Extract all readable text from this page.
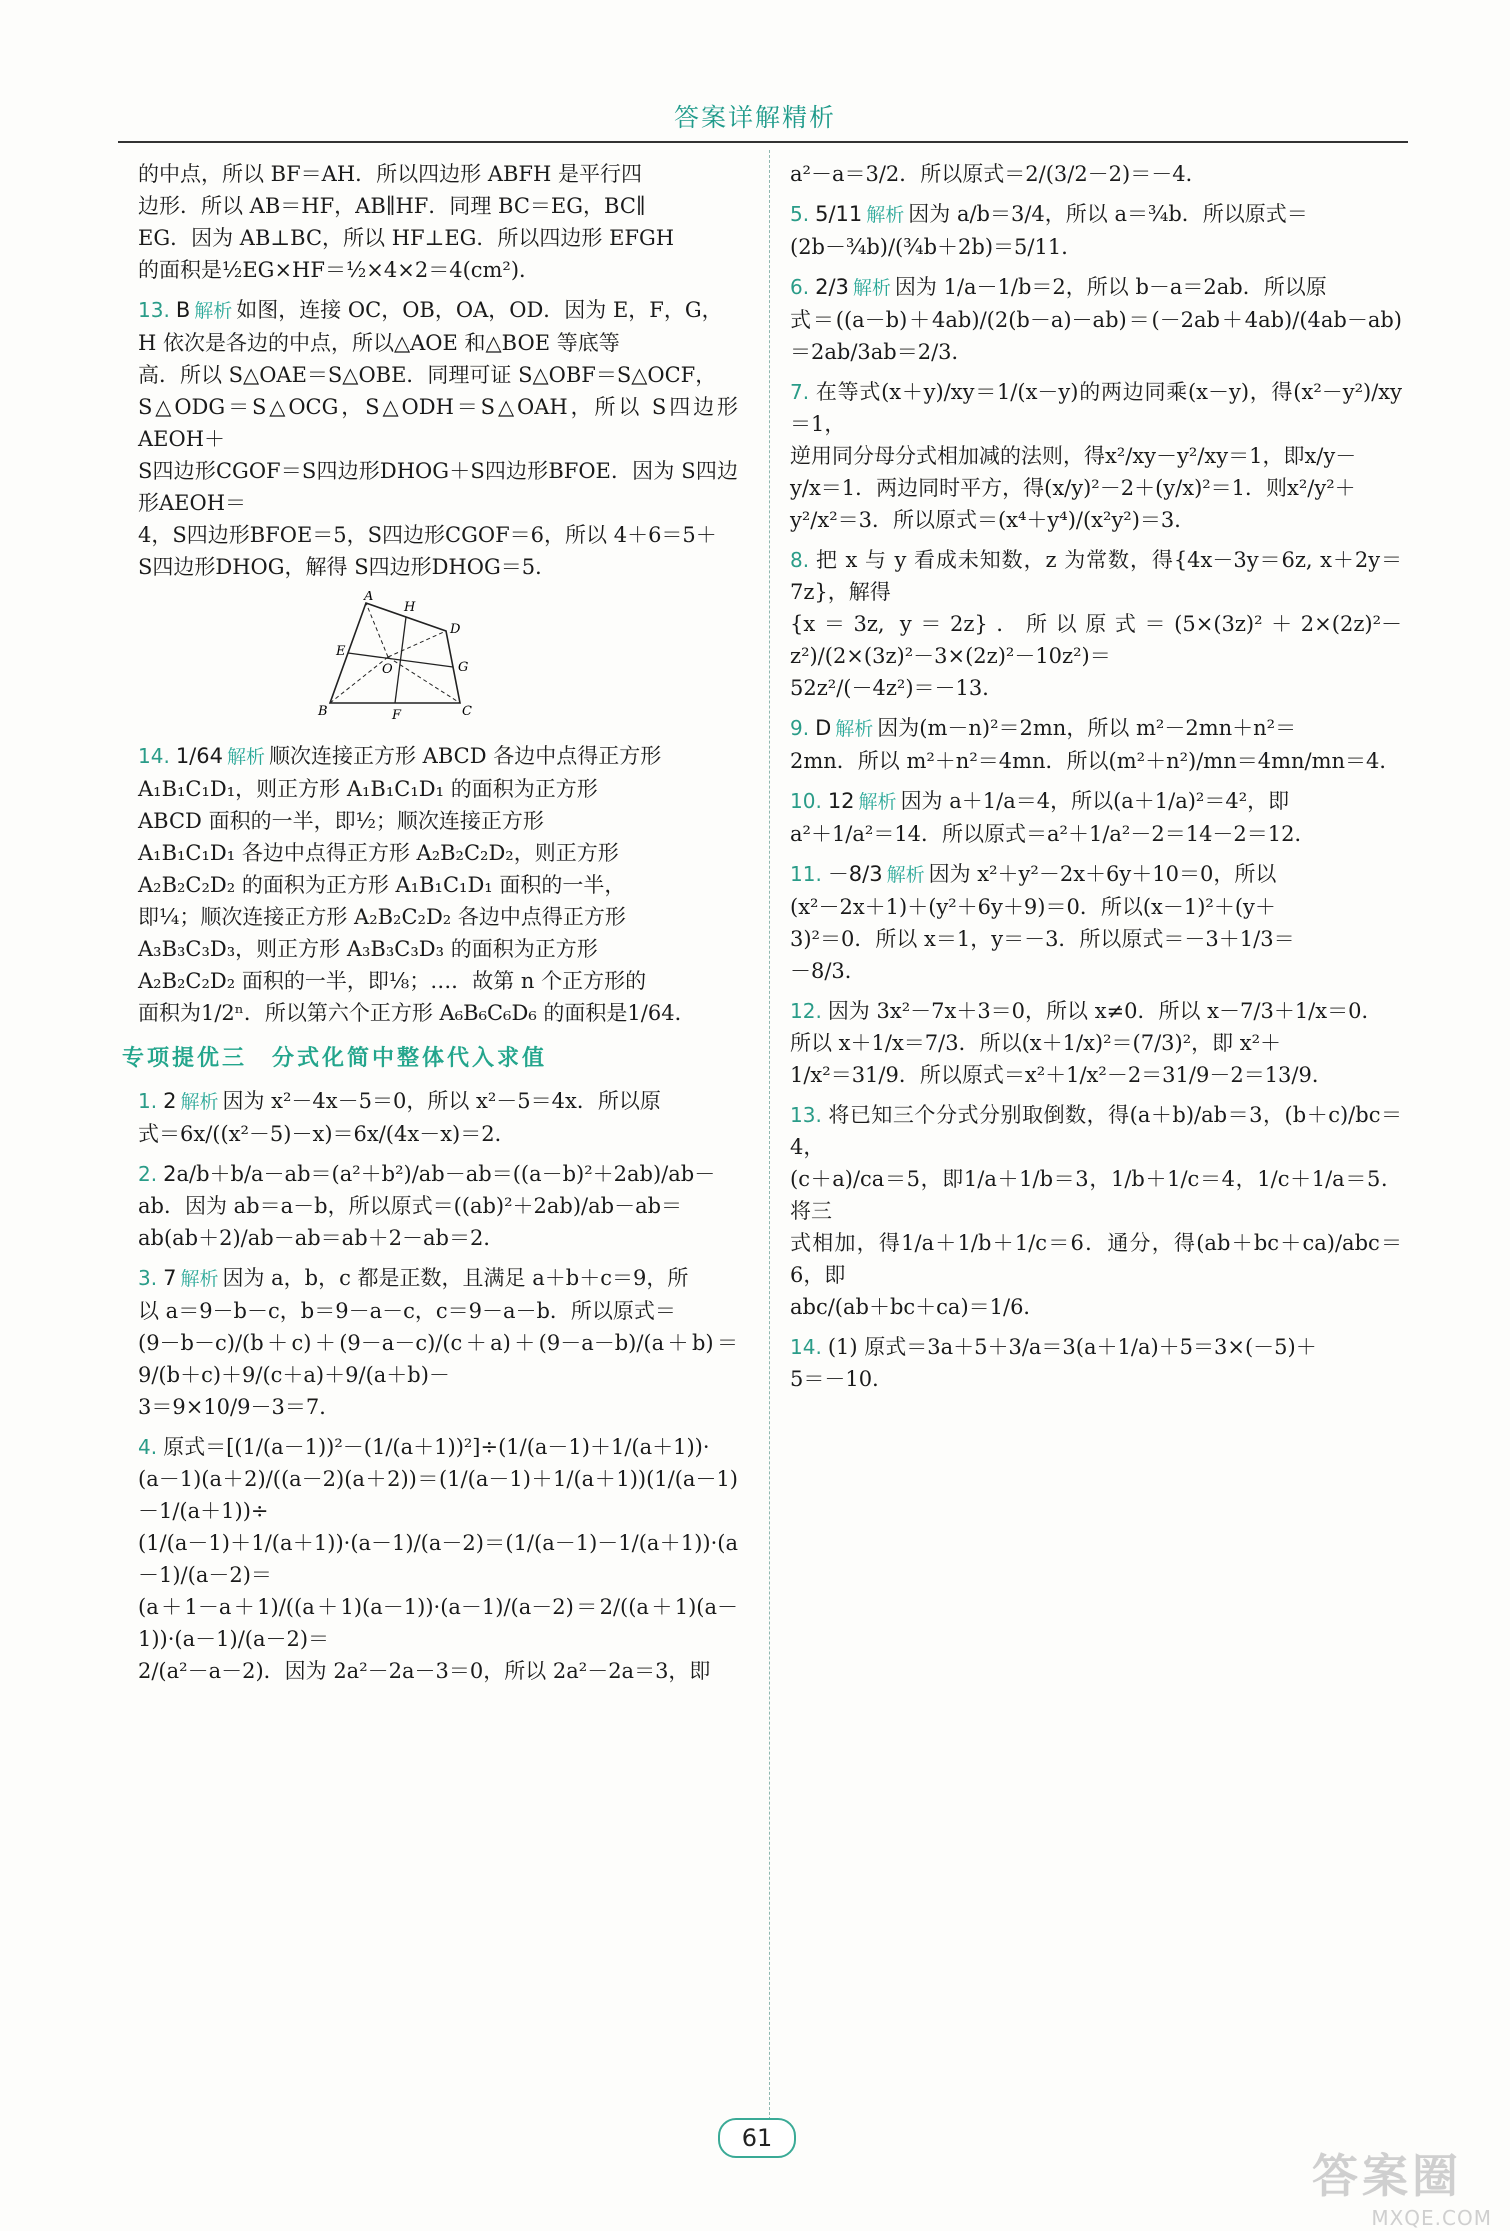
答案详解精析
的中点，所以 BF＝AH．所以四边形 ABFH 是平行四
边形．所以 AB＝HF，AB∥HF．同理 BC＝EG，BC∥
EG．因为 AB⊥BC，所以 HF⊥EG．所以四边形 EFGH
的面积是½EG×HF＝½×4×2＝4(cm²)．
13. B 解析 如图，连接 OC，OB，OA，OD．因为 E，F，G，
H 依次是各边的中点，所以△AOE 和△BOE 等底等
高．所以 S△OAE＝S△OBE．同理可证 S△OBF＝S△OCF，
S△ODG＝S△OCG，S△ODH＝S△OAH，所以 S四边形AEOH＋
S四边形CGOF＝S四边形DHOG＋S四边形BFOE．因为 S四边形AEOH＝
4，S四边形BFOE＝5，S四边形CGOF＝6，所以 4＋6＝5＋
S四边形DHOG，解得 S四边形DHOG＝5．
A
H
D
E
O	G
B	F	C
14. 1/64 解析 顺次连接正方形 ABCD 各边中点得正方形
A₁B₁C₁D₁，则正方形 A₁B₁C₁D₁ 的面积为正方形
ABCD 面积的一半，即½；顺次连接正方形
A₁B₁C₁D₁ 各边中点得正方形 A₂B₂C₂D₂，则正方形
A₂B₂C₂D₂ 的面积为正方形 A₁B₁C₁D₁ 面积的一半，
即¼；顺次连接正方形 A₂B₂C₂D₂ 各边中点得正方形
A₃B₃C₃D₃，则正方形 A₃B₃C₃D₃ 的面积为正方形
A₂B₂C₂D₂ 面积的一半，即⅛；…．故第 n 个正方形的
面积为1/2ⁿ．所以第六个正方形 A₆B₆C₆D₆ 的面积是1/64．
专项提优三　分式化简中整体代入求值
1. 2 解析 因为 x²－4x－5＝0，所以 x²－5＝4x．所以原
式＝6x/((x²－5)－x)＝6x/(4x－x)＝2．
2. 2a/b＋b/a－ab＝(a²＋b²)/ab－ab＝((a－b)²＋2ab)/ab－
ab．因为 ab＝a－b，所以原式＝((ab)²＋2ab)/ab－ab＝
ab(ab＋2)/ab－ab＝ab＋2－ab＝2．
3. 7 解析 因为 a，b，c 都是正数，且满足 a＋b＋c＝9，所
以 a＝9－b－c，b＝9－a－c，c＝9－a－b．所以原式＝
(9－b－c)/(b＋c)＋(9－a－c)/(c＋a)＋(9－a－b)/(a＋b)＝9/(b＋c)＋9/(c＋a)＋9/(a＋b)－
3＝9×10/9－3＝7．
4. 原式＝[(1/(a－1))²－(1/(a＋1))²]÷(1/(a－1)＋1/(a＋1))·
(a－1)(a＋2)/((a－2)(a＋2))＝(1/(a－1)＋1/(a＋1))(1/(a－1)－1/(a＋1))÷
(1/(a－1)＋1/(a＋1))·(a－1)/(a－2)＝(1/(a－1)－1/(a＋1))·(a－1)/(a－2)＝
(a＋1－a＋1)/((a＋1)(a－1))·(a－1)/(a－2)＝2/((a＋1)(a－1))·(a－1)/(a－2)＝
2/(a²－a－2)．因为 2a²－2a－3＝0，所以 2a²－2a＝3，即
a²－a＝3/2．所以原式＝2/(3/2－2)＝－4．
5. 5/11 解析 因为 a/b＝3/4，所以 a＝¾b．所以原式＝
(2b－¾b)/(¾b＋2b)＝5/11．
6. 2/3 解析 因为 1/a－1/b＝2，所以 b－a＝2ab．所以原
式＝((a－b)＋4ab)/(2(b－a)－ab)＝(－2ab＋4ab)/(4ab－ab)＝2ab/3ab＝2/3．
7. 在等式(x＋y)/xy＝1/(x－y)的两边同乘(x－y)，得(x²－y²)/xy＝1，
逆用同分母分式相加减的法则，得x²/xy－y²/xy＝1，即x/y－
y/x＝1．两边同时平方，得(x/y)²－2＋(y/x)²＝1．则x²/y²＋
y²/x²＝3．所以原式＝(x⁴＋y⁴)/(x²y²)＝3．
8. 把 x 与 y 看成未知数，z 为常数，得{4x－3y＝6z, x＋2y＝7z}，解得
{x＝3z, y＝2z}．所以原式＝(5×(3z)²＋2×(2z)²－z²)/(2×(3z)²－3×(2z)²－10z²)＝
52z²/(－4z²)＝－13．
9. D 解析 因为(m－n)²＝2mn，所以 m²－2mn＋n²＝
2mn．所以 m²＋n²＝4mn．所以(m²＋n²)/mn＝4mn/mn＝4．
10. 12 解析 因为 a＋1/a＝4，所以(a＋1/a)²＝4²，即
a²＋1/a²＝14．所以原式＝a²＋1/a²－2＝14－2＝12．
11. －8/3 解析 因为 x²＋y²－2x＋6y＋10＝0，所以
(x²－2x＋1)＋(y²＋6y＋9)＝0．所以(x－1)²＋(y＋
3)²＝0．所以 x＝1，y＝－3．所以原式＝－3＋1/3＝
－8/3．
12. 因为 3x²－7x＋3＝0，所以 x≠0．所以 x－7/3＋1/x＝0．
所以 x＋1/x＝7/3．所以(x＋1/x)²＝(7/3)²，即 x²＋
1/x²＝31/9．所以原式＝x²＋1/x²－2＝31/9－2＝13/9．
13. 将已知三个分式分别取倒数，得(a＋b)/ab＝3，(b＋c)/bc＝4，
(c＋a)/ca＝5，即1/a＋1/b＝3，1/b＋1/c＝4，1/c＋1/a＝5．将三
式相加，得1/a＋1/b＋1/c＝6．通分，得(ab＋bc＋ca)/abc＝6，即
abc/(ab＋bc＋ca)＝1/6．
14. (1) 原式＝3a＋5＋3/a＝3(a＋1/a)＋5＝3×(－5)＋
5＝－10．
61
答案圈
MXQE.COM
